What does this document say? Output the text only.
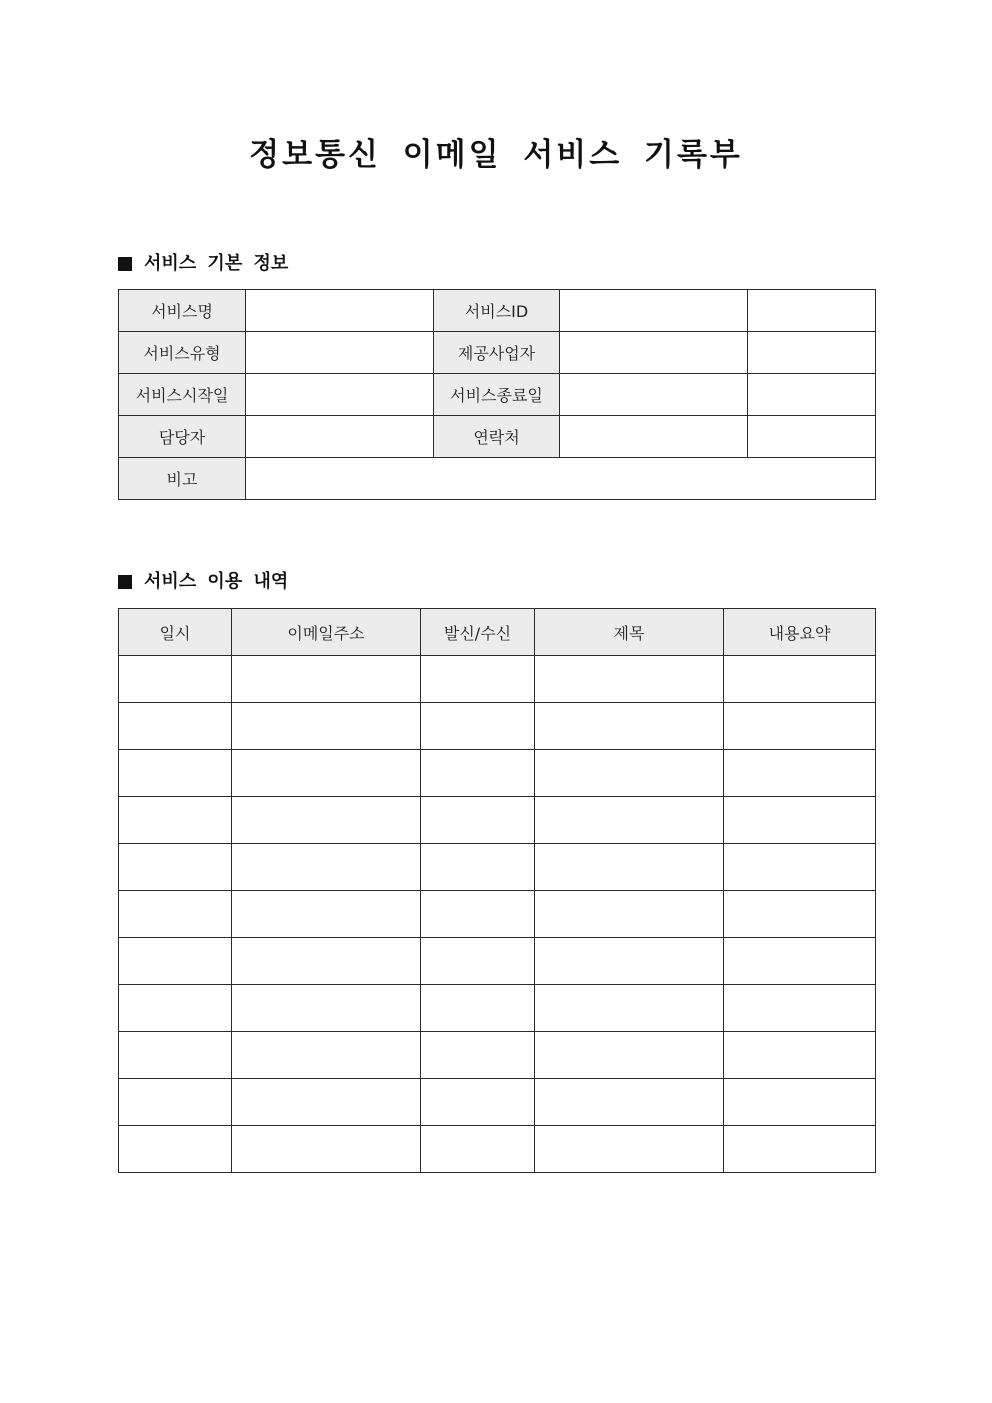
정보통신 이메일 서비스 기록부
서비스 기본 정보
서비스명		서비스ID		
서비스유형		제공사업자		
서비스시작일		서비스종료일		
담당자		연락처		
비고				
서비스 이용 내역
일시	이메일주소	발신/수신	제목	내용요약
